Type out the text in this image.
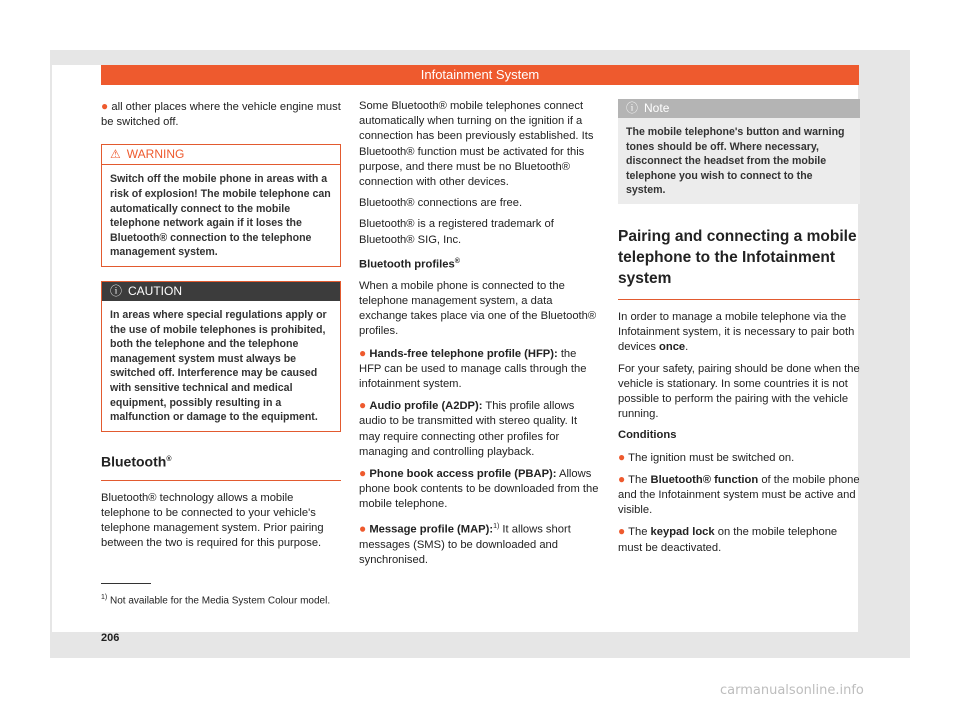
Infotainment System

● all other places where the vehicle engine must be switched off.

⚠ WARNING
Switch off the mobile phone in areas with a risk of explosion! The mobile telephone can automatically connect to the mobile telephone network again if it loses the Bluetooth® connection to the telephone management system.
ⓘ CAUTION
In areas where special regulations apply or the use of mobile telephones is prohibited, both the telephone and the telephone management system must always be switched off. Interference may be caused with sensitive technical and medical equipment, possibly resulting in a malfunction or damage to the equipment.
Bluetooth®

Bluetooth® technology allows a mobile telephone to be connected to your vehicle's telephone management system. Prior pairing between the two is required for this purpose.

Some Bluetooth® mobile telephones connect automatically when turning on the ignition if a connection has been previously established. Its Bluetooth® function must be activated for this purpose, and there must be no Bluetooth® connection with other devices.

Bluetooth® connections are free.

Bluetooth® is a registered trademark of Bluetooth® SIG, Inc.

Bluetooth profiles®

When a mobile phone is connected to the telephone management system, a data exchange takes place via one of the Bluetooth® profiles.

● Hands-free telephone profile (HFP): the HFP can be used to manage calls through the infotainment system.

● Audio profile (A2DP): This profile allows audio to be transmitted with stereo quality. It may require connecting other profiles for managing and controlling playback.

● Phone book access profile (PBAP): Allows phone book contents to be downloaded from the mobile telephone.

● Message profile (MAP):$^{1)}$ It allows short messages (SMS) to be downloaded and synchronised.

ⓘ Note
The mobile telephone's button and warning tones should be off. Where necessary, disconnect the headset from the mobile telephone you wish to connect to the system.
Pairing and connecting a mobile telephone to the Infotainment system

In order to manage a mobile telephone via the Infotainment system, it is necessary to pair both devices once.

For your safety, pairing should be done when the vehicle is stationary. In some countries it is not possible to perform the pairing with the vehicle running.

Conditions

● The ignition must be switched on.

● The Bluetooth® function of the mobile phone and the Infotainment system must be active and visible.

● The keypad lock on the mobile telephone must be deactivated.

$^{1)}$ Not available for the Media System Colour model.
206
carmanualsonline.info
